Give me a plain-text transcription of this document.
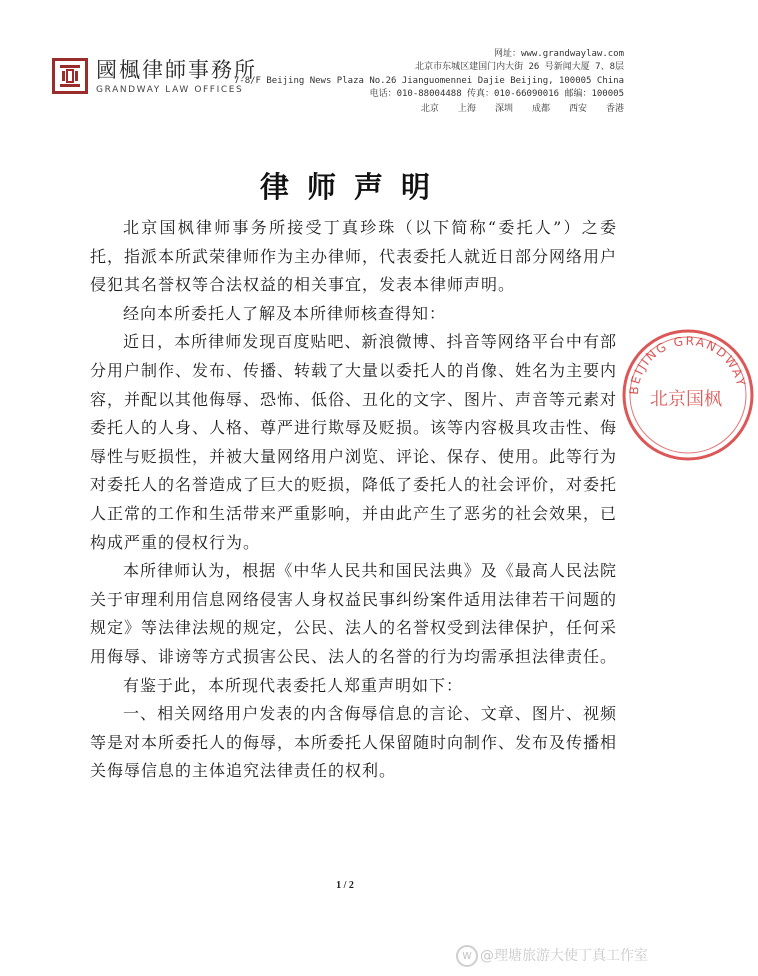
國楓律師事務所
GRANDWAY LAW OFFICES
网址：www.grandwaylaw.com
北京市东城区建国门内大街 26 号新闻大厦 7、8层
7-8/F Beijing News Plaza No.26 Jianguomennei Dajie Beijing, 100005 China
电话：010-88004488 传真：010-66090016 邮编：100005
北京 上海 深圳 成都 西安 香港
律师声明

北京国枫律师事务所接受丁真珍珠（以下简称“委托人”）之委托，指派本所武荣律师作为主办律师，代表委托人就近日部分网络用户侵犯其名誉权等合法权益的相关事宜，发表本律师声明。

经向本所委托人了解及本所律师核查得知：

近日，本所律师发现百度贴吧、新浪微博、抖音等网络平台中有部分用户制作、发布、传播、转载了大量以委托人的肖像、姓名为主要内容，并配以其他侮辱、恐怖、低俗、丑化的文字、图片、声音等元素对委托人的人身、人格、尊严进行欺辱及贬损。该等内容极具攻击性、侮辱性与贬损性，并被大量网络用户浏览、评论、保存、使用。此等行为对委托人的名誉造成了巨大的贬损，降低了委托人的社会评价，对委托人正常的工作和生活带来严重影响，并由此产生了恶劣的社会效果，已构成严重的侵权行为。

本所律师认为，根据《中华人民共和国民法典》及《最高人民法院关于审理利用信息网络侵害人身权益民事纠纷案件适用法律若干问题的规定》等法律法规的规定，公民、法人的名誉权受到法律保护，任何采用侮辱、诽谤等方式损害公民、法人的名誉的行为均需承担法律责任。

有鉴于此，本所现代表委托人郑重声明如下：

一、相关网络用户发表的内含侮辱信息的言论、文章、图片、视频等是对本所委托人的侮辱，本所委托人保留随时向制作、发布及传播相关侮辱信息的主体追究法律责任的权利。

BEIJING GRANDWAY
北京国枫
1 / 2
w @理塘旅游大使丁真工作室
